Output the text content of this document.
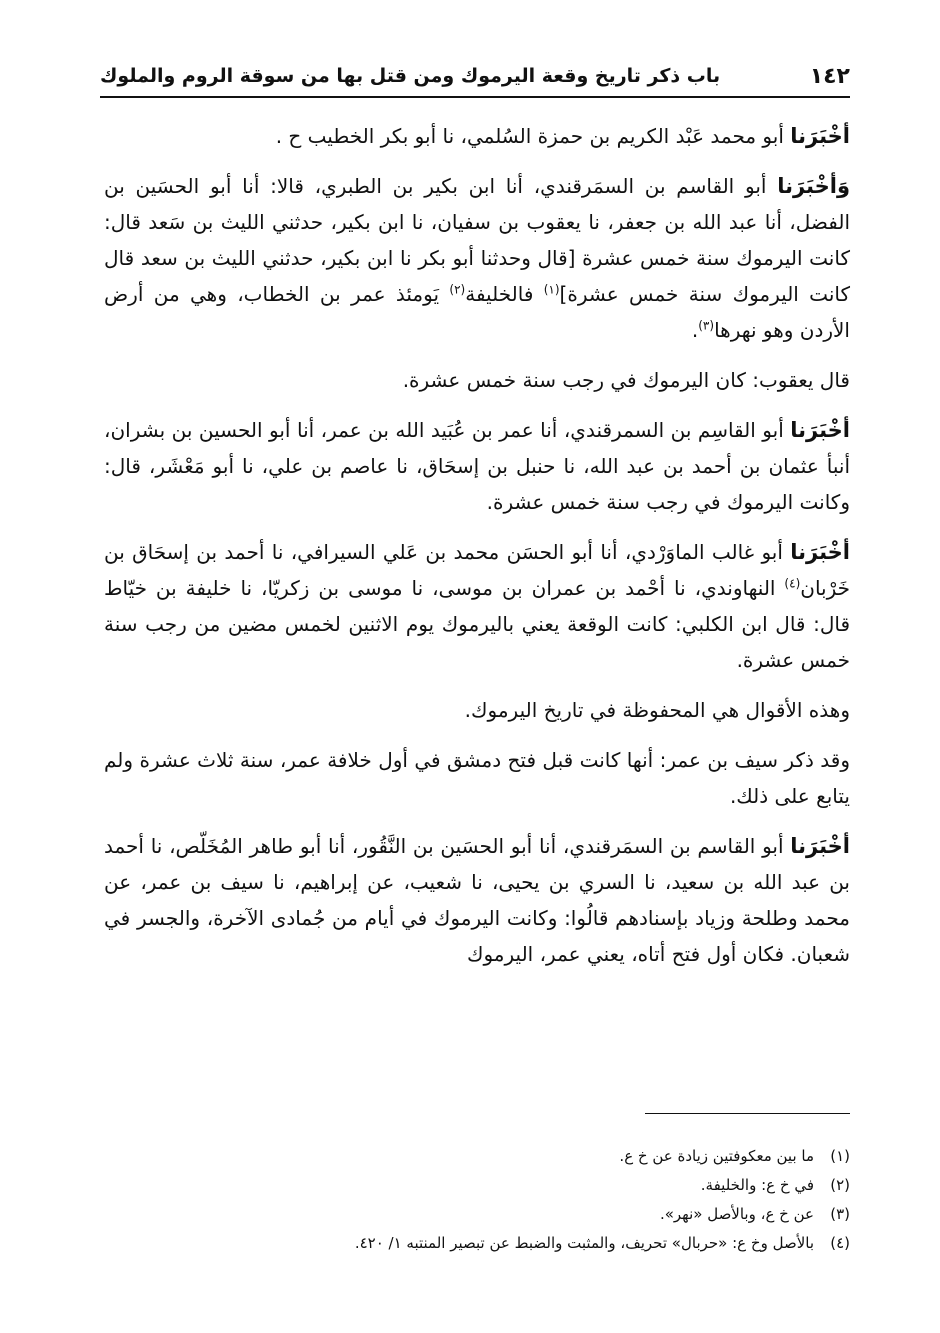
١٤٢
باب ذكر تاريخ وقعة اليرموك ومن قتل بها من سوقة الروم والملوك

أخْبَرَنا أبو محمد عَبْد الكريم بن حمزة السُلمي، نا أبو بكر الخطيب ح .

وَأخْبَرَنا أبو القاسم بن السمَرقندي، أنا ابن بكير بن الطبري، قالا: أنا أبو الحسَين بن الفضل، أنا عبد الله بن جعفر، نا يعقوب بن سفيان، نا ابن بكير، حدثني الليث بن سَعد قال: كانت اليرموك سنة خمس عشرة [قال وحدثنا أبو بكر نا ابن بكير، حدثني الليث بن سعد قال كانت اليرموك سنة خمس عشرة]$^{(١)}$ فالخليفة$^{(٢)}$ يَومئذ عمر بن الخطاب، وهي من أرض الأردن وهو نهرها$^{(٣)}$.

قال يعقوب: كان اليرموك في رجب سنة خمس عشرة.

أخْبَرَنا أبو القاسِم بن السمرقندي، أنا عمر بن عُبَيد الله بن عمر، أنا أبو الحسين بن بشران، أنبأ عثمان بن أحمد بن عبد الله، نا حنبل بن إسحَاق، نا عاصم بن علي، نا أبو مَعْشَر، قال: وكانت اليرموك في رجب سنة خمس عشرة.

أخْبَرَنا أبو غالب الماوَرْدي، أنا أبو الحسَن محمد بن عَلي السيرافي، نا أحمد بن إسحَاق بن خَرْبان$^{(٤)}$ النهاوندي، نا أحْمد بن عمران بن موسى، نا موسى بن زكريّا، نا خليفة بن خيّاط قال: قال ابن الكلبي: كانت الوقعة يعني باليرموك يوم الاثنين لخمس مضين من رجب سنة خمس عشرة.

وهذه الأقوال هي المحفوظة في تاريخ اليرموك.

وقد ذكر سيف بن عمر: أنها كانت قبل فتح دمشق في أول خلافة عمر، سنة ثلاث عشرة ولم يتابع على ذلك.

أخْبَرَنا أبو القاسم بن السمَرقندي، أنا أبو الحسَين بن النَّقُور، أنا أبو طاهر المُخَلّص، نا أحمد بن عبد الله بن سعيد، نا السري بن يحيى، نا شعيب، عن إبراهيم، نا سيف بن عمر، عن محمد وطلحة وزياد بإسنادهم قالُوا: وكانت اليرموك في أيام من جُمادى الآخرة، والجسر في شعبان. فكان أول فتح أتاه، يعني عمر، اليرموك

(١)
ما بين معكوفتين زيادة عن خ ع.
(٢)
في خ ع: والخليفة.
(٣)
عن خ ع، وبالأصل «نهر».
(٤)
بالأصل وخ ع: «حربال» تحريف، والمثبت والضبط عن تبصير المنتبه ١/ ٤٢٠.
